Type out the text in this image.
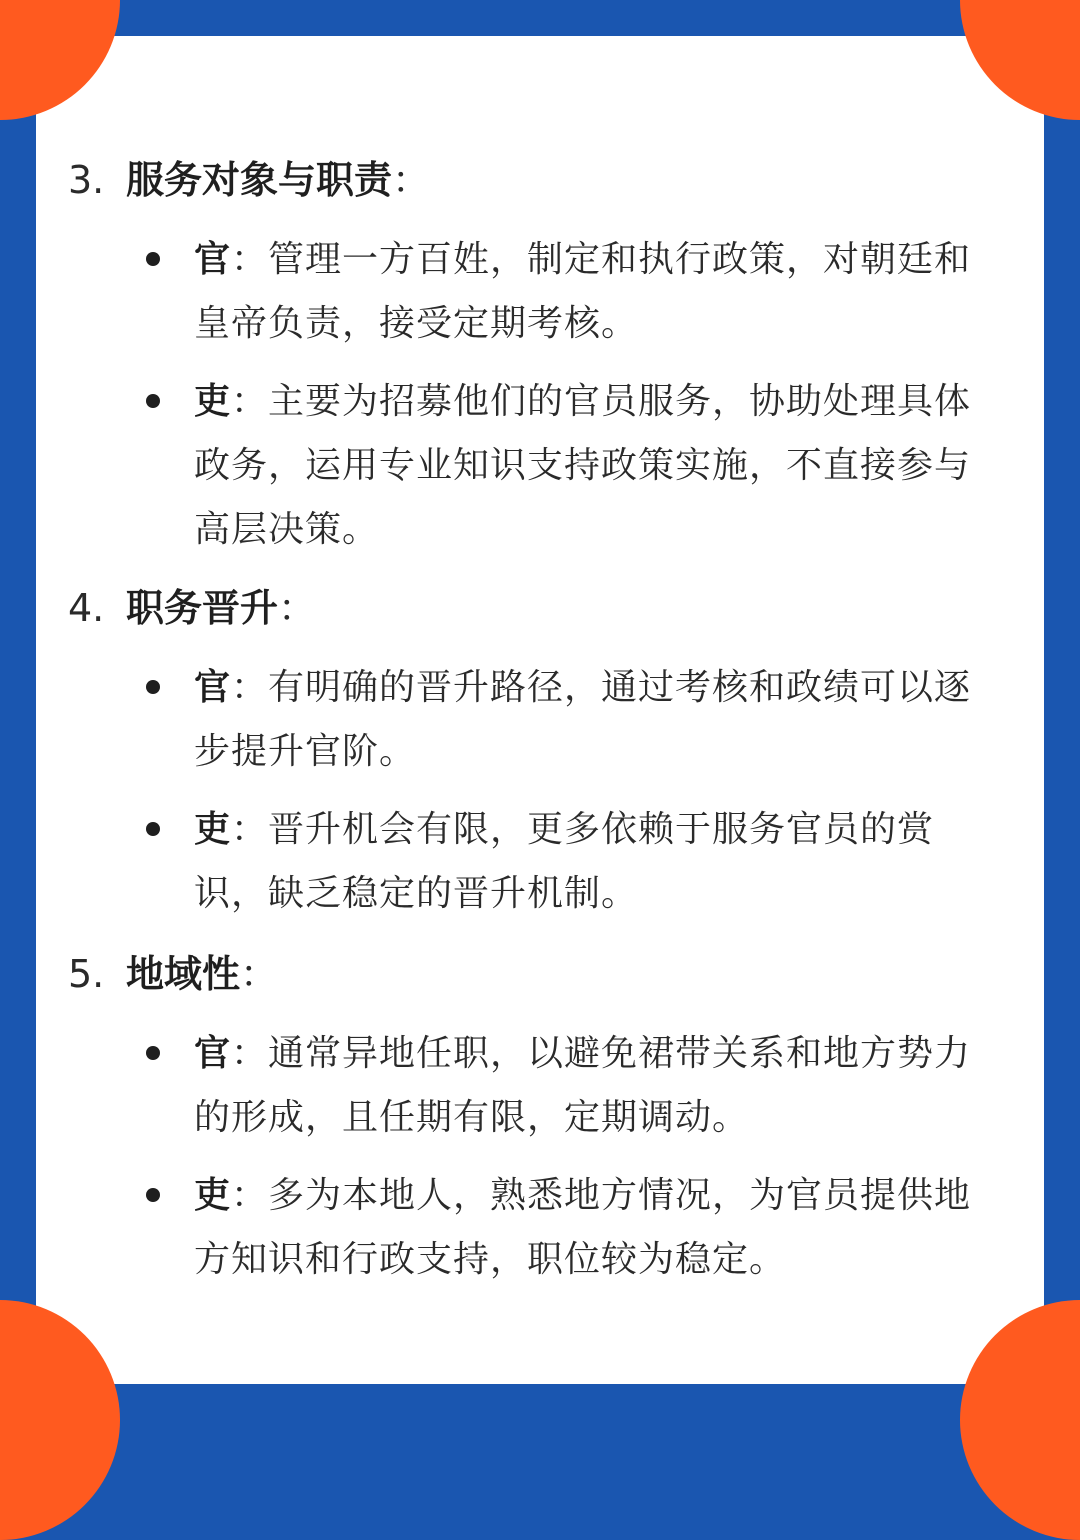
3. 服务对象与职责：
官：管理一方百姓，制定和执行政策，对朝廷和皇帝负责，接受定期考核。
吏：主要为招募他们的官员服务，协助处理具体政务，运用专业知识支持政策实施，不直接参与高层决策。
4. 职务晋升：
官：有明确的晋升路径，通过考核和政绩可以逐步提升官阶。
吏：晋升机会有限，更多依赖于服务官员的赏识，缺乏稳定的晋升机制。
5. 地域性：
官：通常异地任职，以避免裙带关系和地方势力的形成，且任期有限，定期调动。
吏：多为本地人，熟悉地方情况，为官员提供地方知识和行政支持，职位较为稳定。
